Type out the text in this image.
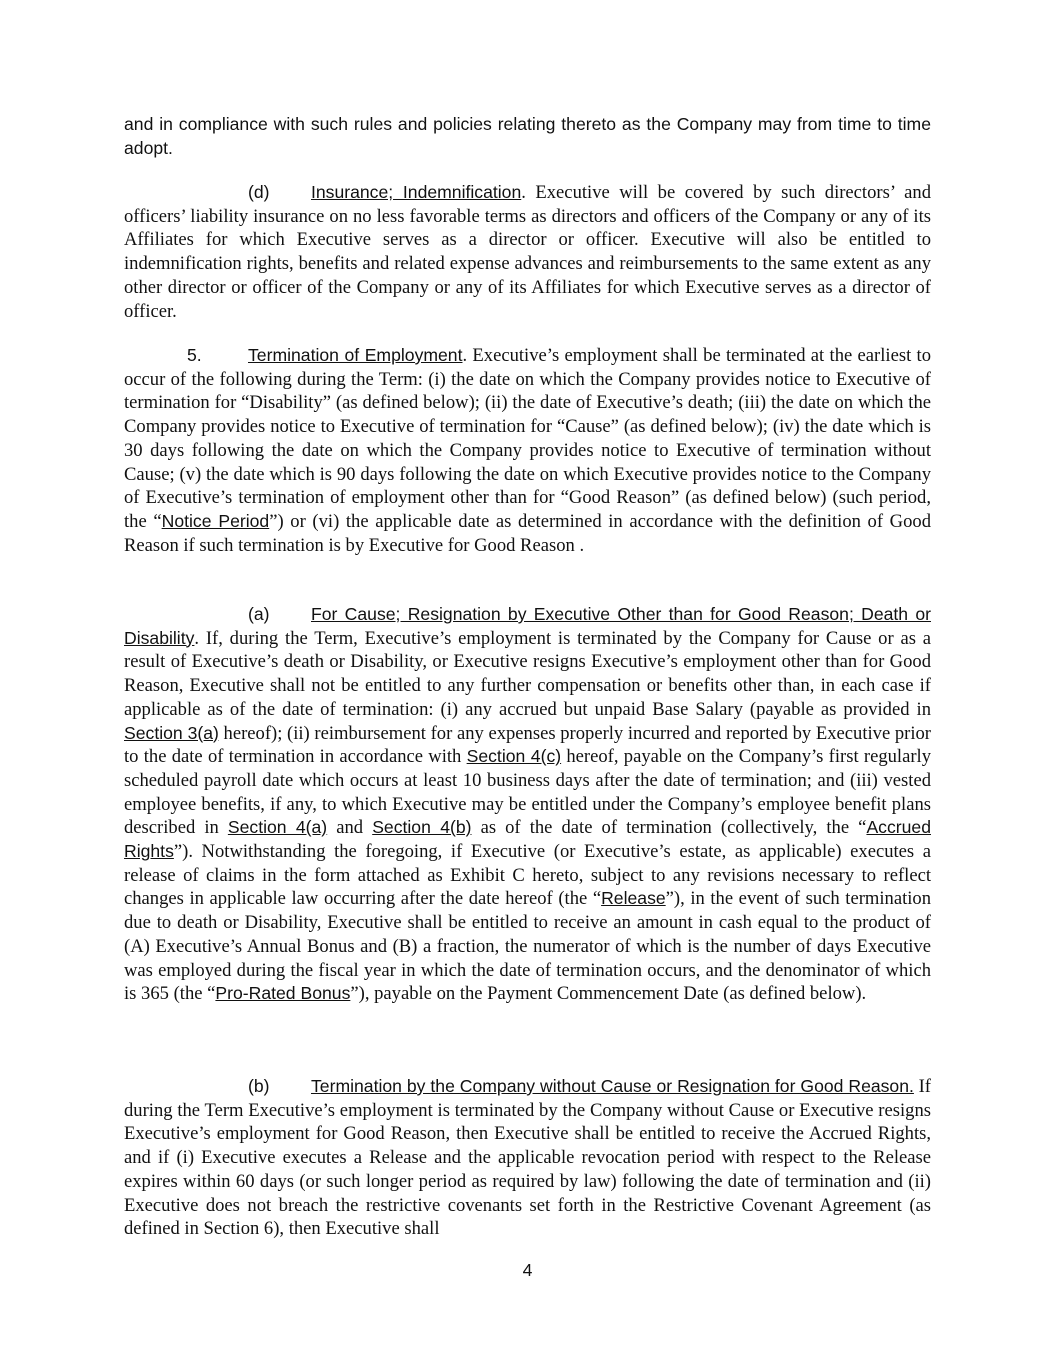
and in compliance with such rules and policies relating thereto as the Company may from time to time adopt.

(d) Insurance; Indemnification. Executive will be covered by such directors’ and officers’ liability insurance on no less favorable terms as directors and officers of the Company or any of its Affiliates for which Executive serves as a director or officer. Executive will also be entitled to indemnification rights, benefits and related expense advances and reimbursements to the same extent as any other director or officer of the Company or any of its Affiliates for which Executive serves as a director of officer.

5.	Termination of Employment. Executive’s employment shall be terminated at the earliest to occur of the following during the Term: (i) the date on which the Company provides notice to Executive of termination for “Disability” (as defined below); (ii) the date of Executive’s death; (iii) the date on which the Company provides notice to Executive of termination for “Cause” (as defined below); (iv) the date which is 30 days following the date on which the Company provides notice to Executive of termination without Cause; (v) the date which is 90 days following the date on which Executive provides notice to the Company of Executive’s termination of employment other than for “Good Reason” (as defined below) (such period, the “Notice Period”) or (vi) the applicable date as determined in accordance with the definition of Good Reason if such termination is by Executive for Good Reason .

(a) For Cause; Resignation by Executive Other than for Good Reason; Death or Disability. If, during the Term, Executive’s employment is terminated by the Company for Cause or as a result of Executive’s death or Disability, or Executive resigns Executive’s employment other than for Good Reason, Executive shall not be entitled to any further compensation or benefits other than, in each case if applicable as of the date of termination: (i) any accrued but unpaid Base Salary (payable as provided in Section 3(a) hereof); (ii) reimbursement for any expenses properly incurred and reported by Executive prior to the date of termination in accordance with Section 4(c) hereof, payable on the Company’s first regularly scheduled payroll date which occurs at least 10 business days after the date of termination; and (iii) vested employee benefits, if any, to which Executive may be entitled under the Company’s employee benefit plans described in Section 4(a) and Section 4(b) as of the date of termination (collectively, the “Accrued Rights”). Notwithstanding the foregoing, if Executive (or Executive’s estate, as applicable) executes a release of claims in the form attached as Exhibit C hereto, subject to any revisions necessary to reflect changes in applicable law occurring after the date hereof (the “Release”), in the event of such termination due to death or Disability, Executive shall be entitled to receive an amount in cash equal to the product of (A) Executive’s Annual Bonus and (B) a fraction, the numerator of which is the number of days Executive was employed during the fiscal year in which the date of termination occurs, and the denominator of which is 365 (the “Pro-Rated Bonus”), payable on the Payment Commencement Date (as defined below).

(b) Termination by the Company without Cause or Resignation for Good Reason. If during the Term Executive’s employment is terminated by the Company without Cause or Executive resigns Executive’s employment for Good Reason, then Executive shall be entitled to receive the Accrued Rights, and if (i) Executive executes a Release and the applicable revocation period with respect to the Release expires within 60 days (or such longer period as required by law) following the date of termination and (ii) Executive does not breach the restrictive covenants set forth in the Restrictive Covenant Agreement (as defined in Section 6), then Executive shall

4
